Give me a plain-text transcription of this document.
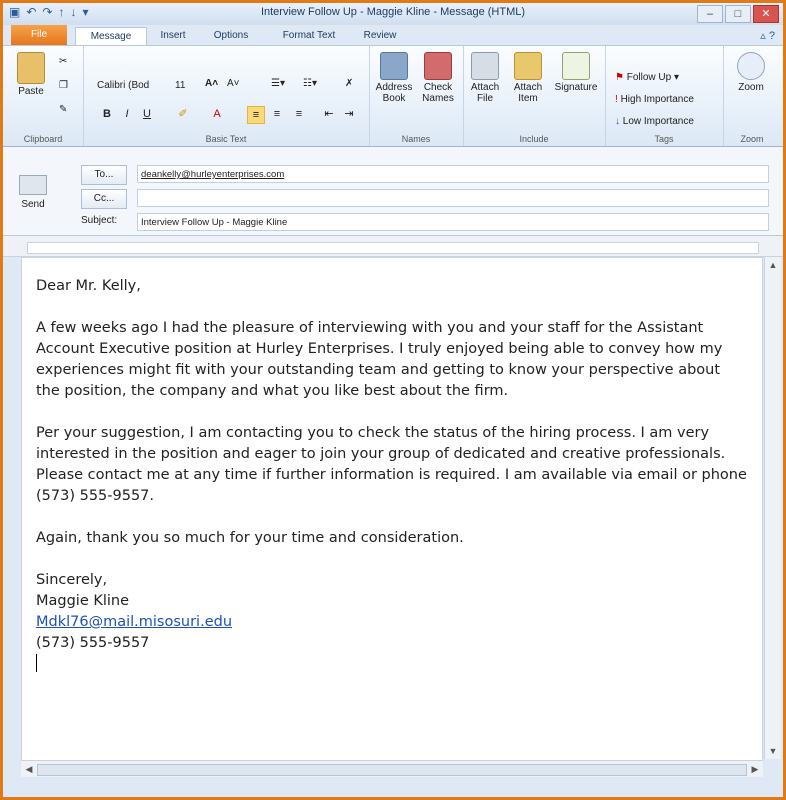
▣ ↶ ↷ ↑ ↓ ▾	Interview Follow Up - Maggie Kline - Message (HTML)	–	□	✕
File	Message	Insert	Options	Format Text	Review	▵ ?
Paste
✂
❐
✎
Clipboard
Calibri (Bod	11 A˄ A˅	☰▾ ☷▾	✗
B	I	U	✐	A	≡	≡	≡	⇤ ⇥
Basic Text
Address Book
Check Names
Names
Attach File
Attach Item
Signature
Include
⚑ Follow Up ▾
! High Importance
↓ Low Importance
Tags
Zoom
Zoom
Send
To...	deankelly@hurleyenterprises.com
Cc...
Subject:	Interview Follow Up - Maggie Kline

Dear Mr. Kelly,

A few weeks ago I had the pleasure of interviewing with you and your staff for the Assistant Account Executive position at Hurley Enterprises. I truly enjoyed being able to convey how my experiences might fit with your outstanding team and getting to know your perspective about the position, the company and what you like best about the firm.

Per your suggestion, I am contacting you to check the status of the hiring process. I am very interested in the position and eager to join your group of dedicated and creative professionals. Please contact me at any time if further information is required. I am available via email or phone (573) 555-9557.

Again, thank you so much for your time and consideration.

Sincerely,
Maggie Kline
Mdkl76@mail.misosuri.edu
(573) 555-9557
▲
▼
◀	▶
